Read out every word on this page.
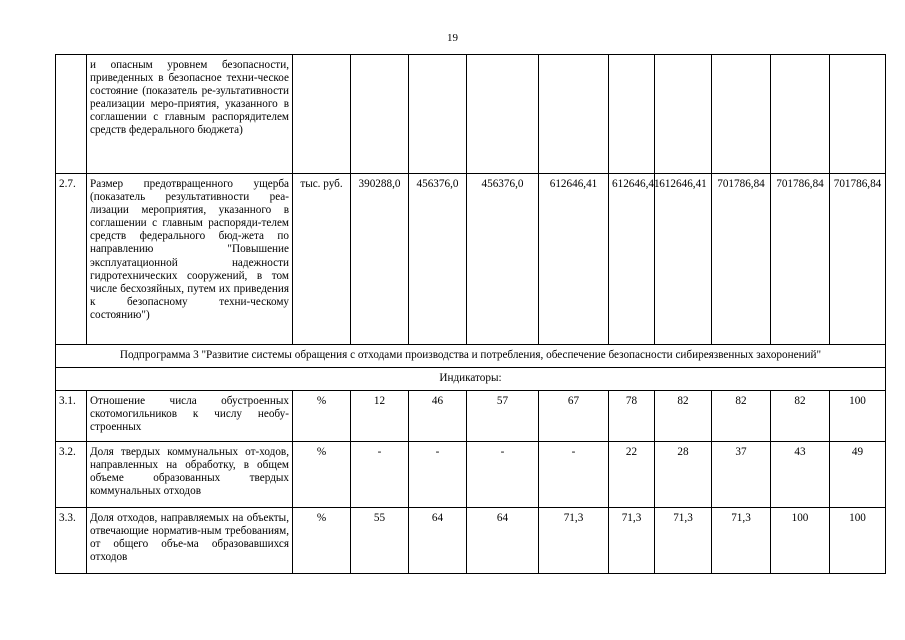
19
	и опасным уровнем безопасности, приведенных в безопасное техни-ческое состояние (показатель ре-зультативности реализации меро-приятия, указанного в соглашении с главным распорядителем средств федерального бюджета)										
2.7.	Размер предотвращенного ущерба (показатель результативности реа-лизации мероприятия, указанного в соглашении с главным распоряди-телем средств федерального бюд-жета по направлению "Повышение эксплуатационной надежности гидротехнических сооружений, в том числе бесхозяйных, путем их приведения к безопасному техни-ческому состоянию")	тыс. руб.	390288,0	456376,0	456376,0	612646,41	612646,41	612646,41	701786,84	701786,84	701786,84
Подпрограмма 3 "Развитие системы обращения с отходами производства и потребления, обеспечение безопасности сибиреязвенных захоронений"											
Индикаторы:											
3.1.	Отношение числа обустроенных скотомогильников к числу необу-строенных	%	12	46	57	67	78	82	82	82	100
3.2.	Доля твердых коммунальных от-ходов, направленных на обработку, в общем объеме образованных твердых коммунальных отходов	%	-	-	-	-	22	28	37	43	49
3.3.	Доля отходов, направляемых на объекты, отвечающие норматив-ным требованиям, от общего объе-ма образовавшихся отходов	%	55	64	64	71,3	71,3	71,3	71,3	100	100
